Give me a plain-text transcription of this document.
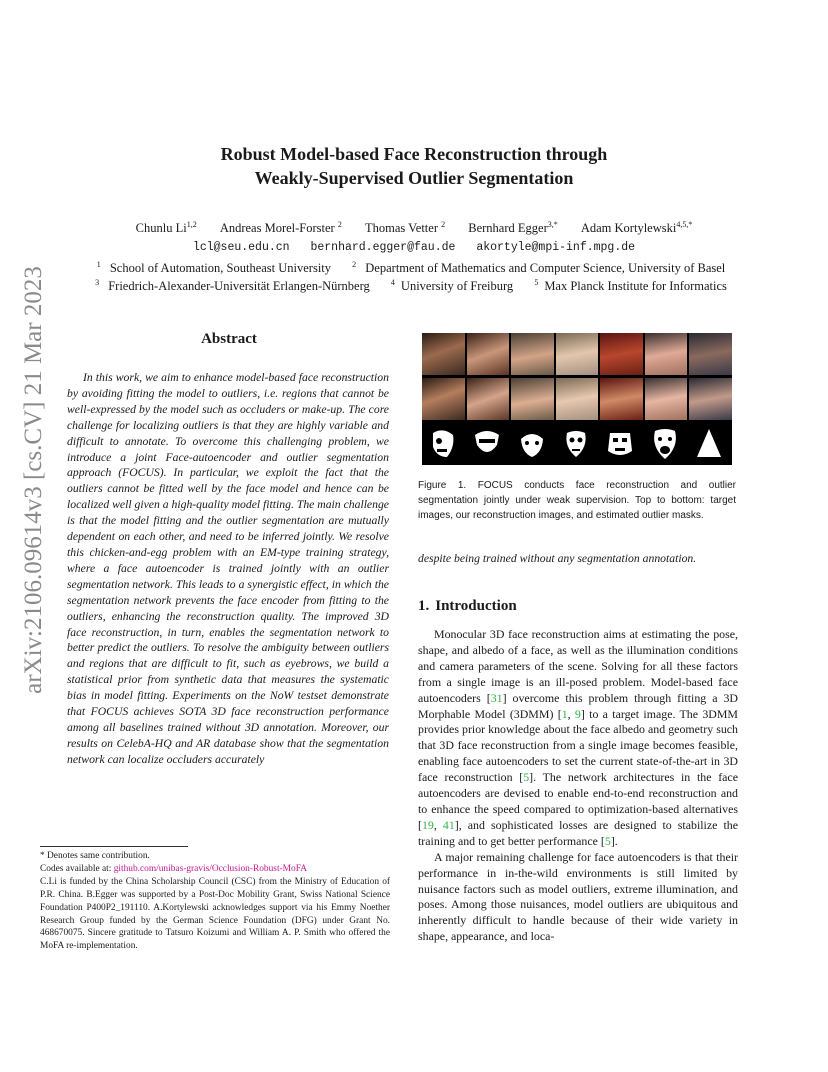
arXiv:2106.09614v3 [cs.CV] 21 Mar 2023
Robust Model-based Face Reconstruction through
Weakly-Supervised Outlier Segmentation
Chunlu Li$^{1,2}$ Andreas Morel-Forster $^2$ Thomas Vetter $^2$ Bernhard Egger$^{3,*}$ Adam Kortylewski$^{4,5,*}$
lcl@seu.edu.cn bernhard.egger@fau.de akortyle@mpi-inf.mpg.de
$^1$ School of Automation, Southeast University	$^2$ Department of Mathematics and Computer Science, University of Basel
$^3$ Friedrich-Alexander-Universität Erlangen-Nürnberg	$^4$ University of Freiburg	$^5$ Max Planck Institute for Informatics
Abstract

In this work, we aim to enhance model-based face reconstruction by avoiding fitting the model to outliers, i.e. regions that cannot be well-expressed by the model such as occluders or make-up. The core challenge for localizing outliers is that they are highly variable and difficult to annotate. To overcome this challenging problem, we introduce a joint Face-autoencoder and outlier segmentation approach (FOCUS). In particular, we exploit the fact that the outliers cannot be fitted well by the face model and hence can be localized well given a high-quality model fitting. The main challenge is that the model fitting and the outlier segmentation are mutually dependent on each other, and need to be inferred jointly. We resolve this chicken-and-egg problem with an EM-type training strategy, where a face autoencoder is trained jointly with an outlier segmentation network. This leads to a synergistic effect, in which the segmentation network prevents the face encoder from fitting to the outliers, enhancing the reconstruction quality. The improved 3D face reconstruction, in turn, enables the segmentation network to better predict the outliers. To resolve the ambiguity between outliers and regions that are difficult to fit, such as eyebrows, we build a statistical prior from synthetic data that measures the systematic bias in model fitting. Experiments on the NoW testset demonstrate that FOCUS achieves SOTA 3D face reconstruction performance among all baselines trained without 3D annotation. Moreover, our results on CelebA-HQ and AR database show that the segmentation network can localize occluders accurately

Figure 1. FOCUS conducts face reconstruction and outlier segmentation jointly under weak supervision. Top to bottom: target images, our reconstruction images, and estimated outlier masks.
despite being trained without any segmentation annotation.
1. Introduction

Monocular 3D face reconstruction aims at estimating the pose, shape, and albedo of a face, as well as the illumination conditions and camera parameters of the scene. Solving for all these factors from a single image is an ill-posed problem. Model-based face autoencoders [31] overcome this problem through fitting a 3D Morphable Model (3DMM) [1, 9] to a target image. The 3DMM provides prior knowledge about the face albedo and geometry such that 3D face reconstruction from a single image becomes feasible, enabling face autoencoders to set the current state-of-the-art in 3D face reconstruction [5]. The network architectures in the face autoencoders are devised to enable end-to-end reconstruction and to enhance the speed compared to optimization-based alternatives [19, 41], and sophisticated losses are designed to stabilize the training and to get better performance [5].

A major remaining challenge for face autoencoders is that their performance in in-the-wild environments is still limited by nuisance factors such as model outliers, extreme illumination, and poses. Among those nuisances, model outliers are ubiquitous and inherently difficult to handle because of their wide variety in shape, appearance, and loca-

* Denotes same contribution.
Codes available at: github.com/unibas-gravis/Occlusion-Robust-MoFA
C.Li is funded by the China Scholarship Council (CSC) from the Ministry of Education of P.R. China. B.Egger was supported by a Post-Doc Mobility Grant, Swiss National Science Foundation P400P2_191110. A.Kortylewski acknowledges support via his Emmy Noether Research Group funded by the German Science Foundation (DFG) under Grant No. 468670075. Sincere gratitude to Tatsuro Koizumi and William A. P. Smith who offered the MoFA re-implementation.
